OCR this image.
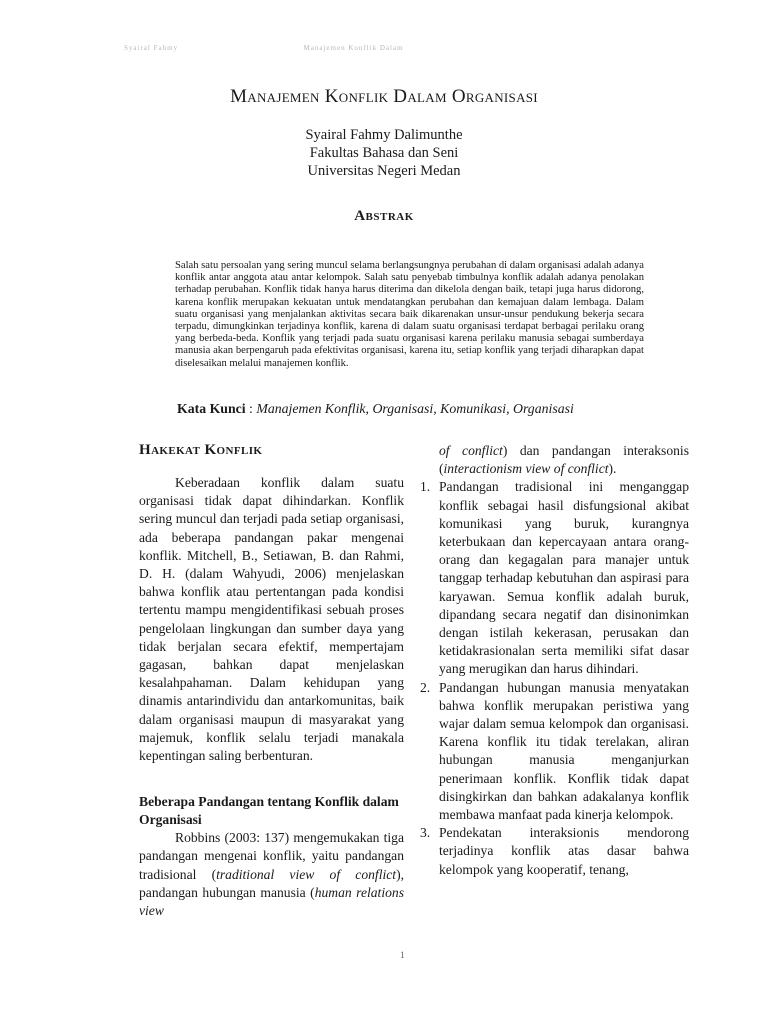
Syairal Fahmy	Manajemen Konflik Dalam
Manajemen Konflik Dalam Organisasi
Syairal Fahmy Dalimunthe
Fakultas Bahasa dan Seni
Universitas Negeri Medan
Abstrak
Salah satu persoalan yang sering muncul selama berlangsungnya perubahan di dalam organisasi adalah adanya konflik antar anggota atau antar kelompok. Salah satu penyebab timbulnya konflik adalah adanya penolakan terhadap perubahan. Konflik tidak hanya harus diterima dan dikelola dengan baik, tetapi juga harus didorong, karena konflik merupakan kekuatan untuk mendatangkan perubahan dan kemajuan dalam lembaga. Dalam suatu organisasi yang menjalankan aktivitas secara baik dikarenakan unsur-unsur pendukung bekerja secara terpadu, dimungkinkan terjadinya konflik, karena di dalam suatu organisasi terdapat berbagai perilaku orang yang berbeda-beda. Konflik yang terjadi pada suatu organisasi karena perilaku manusia sebagai sumberdaya manusia akan berpengaruh pada efektivitas organisasi, karena itu, setiap konflik yang terjadi diharapkan dapat diselesaikan melalui manajemen konflik.
Kata Kunci : Manajemen Konflik, Organisasi, Komunikasi, Organisasi
Hakekat Konflik

Keberadaan konflik dalam suatu organisasi tidak dapat dihindarkan. Konflik sering muncul dan terjadi pada setiap organisasi, ada beberapa pandangan pakar mengenai konflik. Mitchell, B., Setiawan, B. dan Rahmi, D. H. (dalam Wahyudi, 2006) menjelaskan bahwa konflik atau pertentangan pada kondisi tertentu mampu mengidentifikasi sebuah proses pengelolaan lingkungan dan sumber daya yang tidak berjalan secara efektif, mempertajam gagasan, bahkan dapat menjelaskan kesalahpahaman. Dalam kehidupan yang dinamis antarindividu dan antarkomunitas, baik dalam organisasi maupun di masyarakat yang majemuk, konflik selalu terjadi manakala kepentingan saling berbenturan.

Beberapa Pandangan tentang Konflik dalam Organisasi

Robbins (2003: 137) mengemukakan tiga pandangan mengenai konflik, yaitu pandangan tradisional (traditional view of conflict), pandangan hubungan manusia (human relations view

of conflict) dan pandangan interaksonis (interactionism view of conflict).

1. Pandangan tradisional ini menganggap konflik sebagai hasil disfungsional akibat komunikasi yang buruk, kurangnya keterbukaan dan kepercayaan antara orang-orang dan kegagalan para manajer untuk tanggap terhadap kebutuhan dan aspirasi para karyawan. Semua konflik adalah buruk, dipandang secara negatif dan disinonimkan dengan istilah kekerasan, perusakan dan ketidakrasionalan serta memiliki sifat dasar yang merugikan dan harus dihindari.
2. Pandangan hubungan manusia menyatakan bahwa konflik merupakan peristiwa yang wajar dalam semua kelompok dan organisasi. Karena konflik itu tidak terelakan, aliran hubungan manusia menganjurkan penerimaan konflik. Konflik tidak dapat disingkirkan dan bahkan adakalanya konflik membawa manfaat pada kinerja kelompok.
3. Pendekatan interaksionis mendorong terjadinya konflik atas dasar bahwa kelompok yang kooperatif, tenang,
1
